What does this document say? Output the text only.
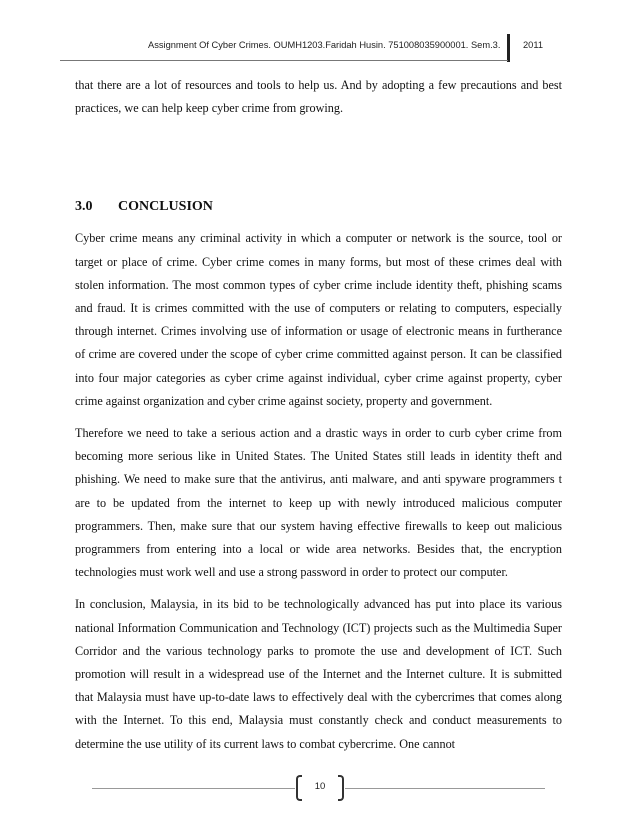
Assignment Of Cyber Crimes. OUMH1203.Faridah Husin. 751008035900001. Sem.3. 2011

that there are a lot of resources and tools to help us. And by adopting a few precautions and best practices, we can help keep cyber crime from growing.

3.0 CONCLUSION

Cyber crime means any criminal activity in which a computer or network is the source, tool or target or place of crime. Cyber crime comes in many forms, but most of these crimes deal with stolen information. The most common types of cyber crime include identity theft, phishing scams and fraud. It is crimes committed with the use of computers or relating to computers, especially through internet. Crimes involving use of information or usage of electronic means in furtherance of crime are covered under the scope of cyber crime committed against person. It can be classified into four major categories as cyber crime against individual, cyber crime against property, cyber crime against organization and cyber crime against society, property and government.

Therefore we need to take a serious action and a drastic ways in order to curb cyber crime from becoming more serious like in United States. The United States still leads in identity theft and phishing. We need to make sure that the antivirus, anti malware, and anti spyware programmers t are to be updated from the internet to keep up with newly introduced malicious computer programmers. Then, make sure that our system having effective firewalls to keep out malicious programmers from entering into a local or wide area networks. Besides that, the encryption technologies must work well and use a strong password in order to protect our computer.

In conclusion, Malaysia, in its bid to be technologically advanced has put into place its various national Information Communication and Technology (ICT) projects such as the Multimedia Super Corridor and the various technology parks to promote the use and development of ICT. Such promotion will result in a widespread use of the Internet and the Internet culture. It is submitted that Malaysia must have up-to-date laws to effectively deal with the cybercrimes that comes along with the Internet. To this end, Malaysia must constantly check and conduct measurements to determine the use utility of its current laws to combat cybercrime. One cannot

10
